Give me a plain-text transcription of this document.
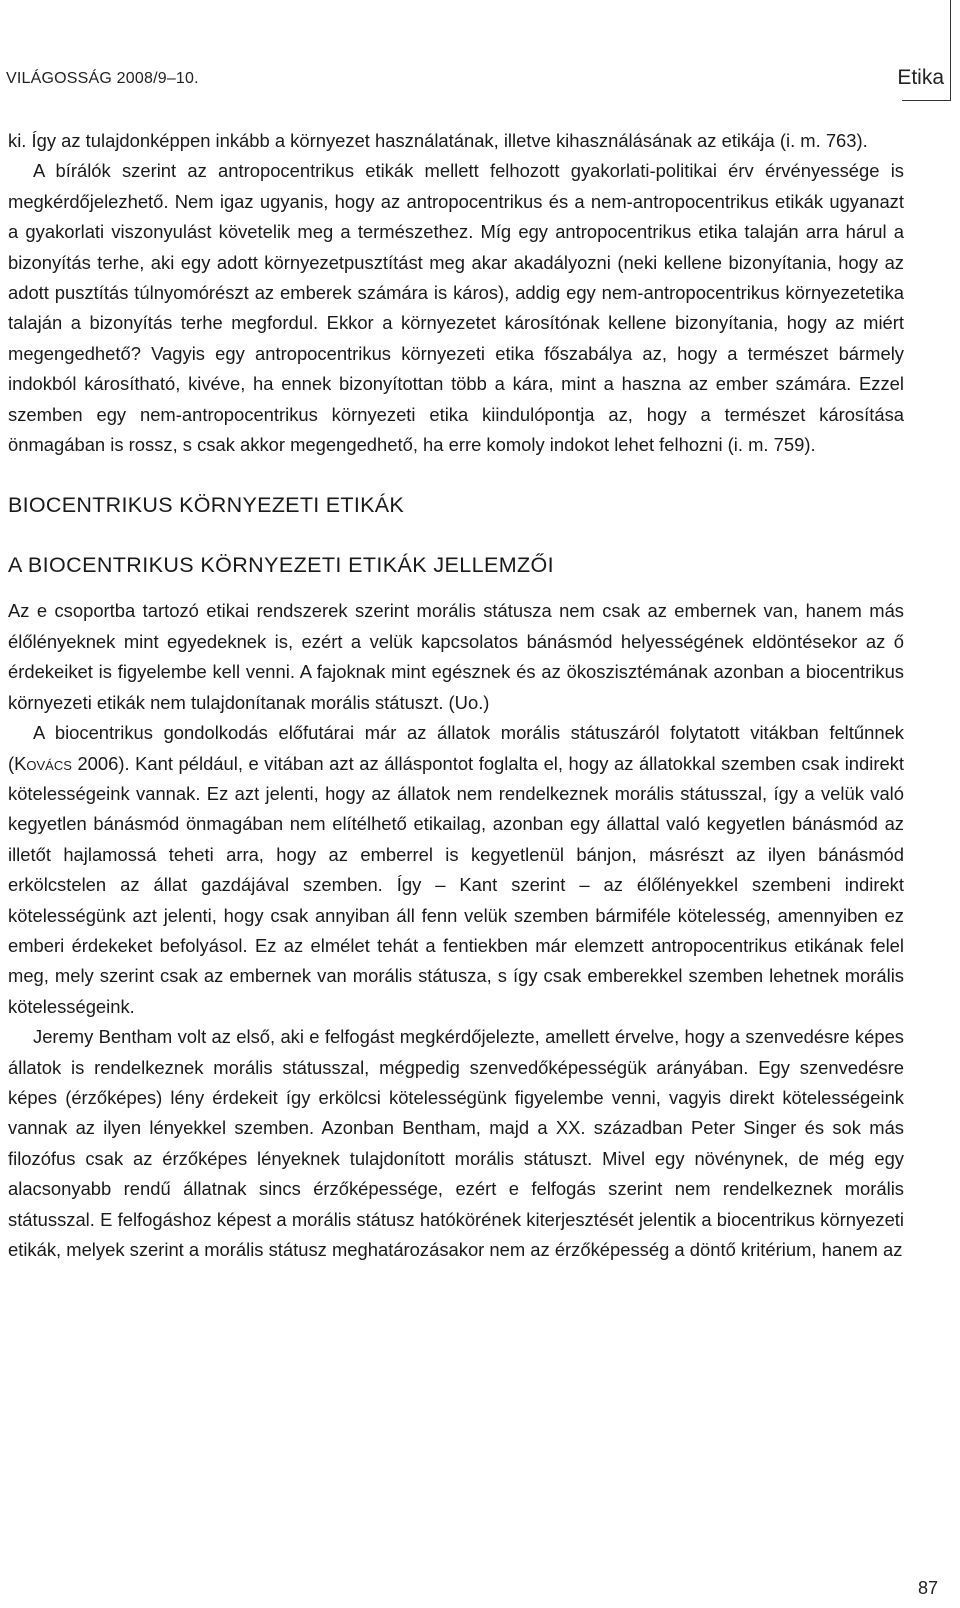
VILÁGOSSÁG 2008/9–10.	Etika

ki. Így az tulajdonképpen inkább a környezet használatának, illetve kihasználásának az etikája (i. m. 763).

A bírálók szerint az antropocentrikus etikák mellett felhozott gyakorlati-politikai érv érvényessége is megkérdőjelezhető. Nem igaz ugyanis, hogy az antropocentrikus és a nem-antropocentrikus etikák ugyanazt a gyakorlati viszonyulást követelik meg a természethez. Míg egy antropocentrikus etika talaján arra hárul a bizonyítás terhe, aki egy adott környezetpusztítást meg akar akadályozni (neki kellene bizonyítania, hogy az adott pusztítás túlnyomórészt az emberek számára is káros), addig egy nem-antropocentrikus környezetetika talaján a bizonyítás terhe megfordul. Ekkor a környezetet károsítónak kellene bizonyítania, hogy az miért megengedhető? Vagyis egy antropocentrikus környezeti etika főszabálya az, hogy a természet bármely indokból károsítható, kivéve, ha ennek bizonyítottan több a kára, mint a haszna az ember számára. Ezzel szemben egy nem-antropocentrikus környezeti etika kiindulópontja az, hogy a természet károsítása önmagában is rossz, s csak akkor megengedhető, ha erre komoly indokot lehet felhozni (i. m. 759).

BIOCENTRIKUS KÖRNYEZETI ETIKÁK
A BIOCENTRIKUS KÖRNYEZETI ETIKÁK JELLEMZŐI

Az e csoportba tartozó etikai rendszerek szerint morális státusza nem csak az embernek van, hanem más élőlényeknek mint egyedeknek is, ezért a velük kapcsolatos bánásmód helyességének eldöntésekor az ő érdekeiket is figyelembe kell venni. A fajoknak mint egésznek és az ökoszisztémának azonban a biocentrikus környezeti etikák nem tulajdonítanak morális státuszt. (Uo.)

A biocentrikus gondolkodás előfutárai már az állatok morális státuszáról folytatott vitákban feltűnnek (Kovács 2006). Kant például, e vitában azt az álláspontot foglalta el, hogy az állatokkal szemben csak indirekt kötelességeink vannak. Ez azt jelenti, hogy az állatok nem rendelkeznek morális státusszal, így a velük való kegyetlen bánásmód önmagában nem elítélhető etikailag, azonban egy állattal való kegyetlen bánásmód az illetőt hajlamossá teheti arra, hogy az emberrel is kegyetlenül bánjon, másrészt az ilyen bánásmód erkölcstelen az állat gazdájával szemben. Így – Kant szerint – az élőlényekkel szembeni indirekt kötelességünk azt jelenti, hogy csak annyiban áll fenn velük szemben bármiféle kötelesség, amennyiben ez emberi érdekeket befolyásol. Ez az elmélet tehát a fentiekben már elemzett antropocentrikus etikának felel meg, mely szerint csak az embernek van morális státusza, s így csak emberekkel szemben lehetnek morális kötelességeink.

Jeremy Bentham volt az első, aki e felfogást megkérdőjelezte, amellett érvelve, hogy a szenvedésre képes állatok is rendelkeznek morális státusszal, mégpedig szenvedőképességük arányában. Egy szenvedésre képes (érzőképes) lény érdekeit így erkölcsi kötelességünk figyelembe venni, vagyis direkt kötelességeink vannak az ilyen lényekkel szemben. Azonban Bentham, majd a XX. században Peter Singer és sok más filozófus csak az érzőképes lényeknek tulajdonított morális státuszt. Mivel egy növénynek, de még egy alacsonyabb rendű állatnak sincs érzőképessége, ezért e felfogás szerint nem rendelkeznek morális státusszal. E felfogáshoz képest a morális státusz hatókörének kiterjesztését jelentik a biocentrikus környezeti etikák, melyek szerint a morális státusz meghatározásakor nem az érzőképesség a döntő kritérium, hanem az

87
